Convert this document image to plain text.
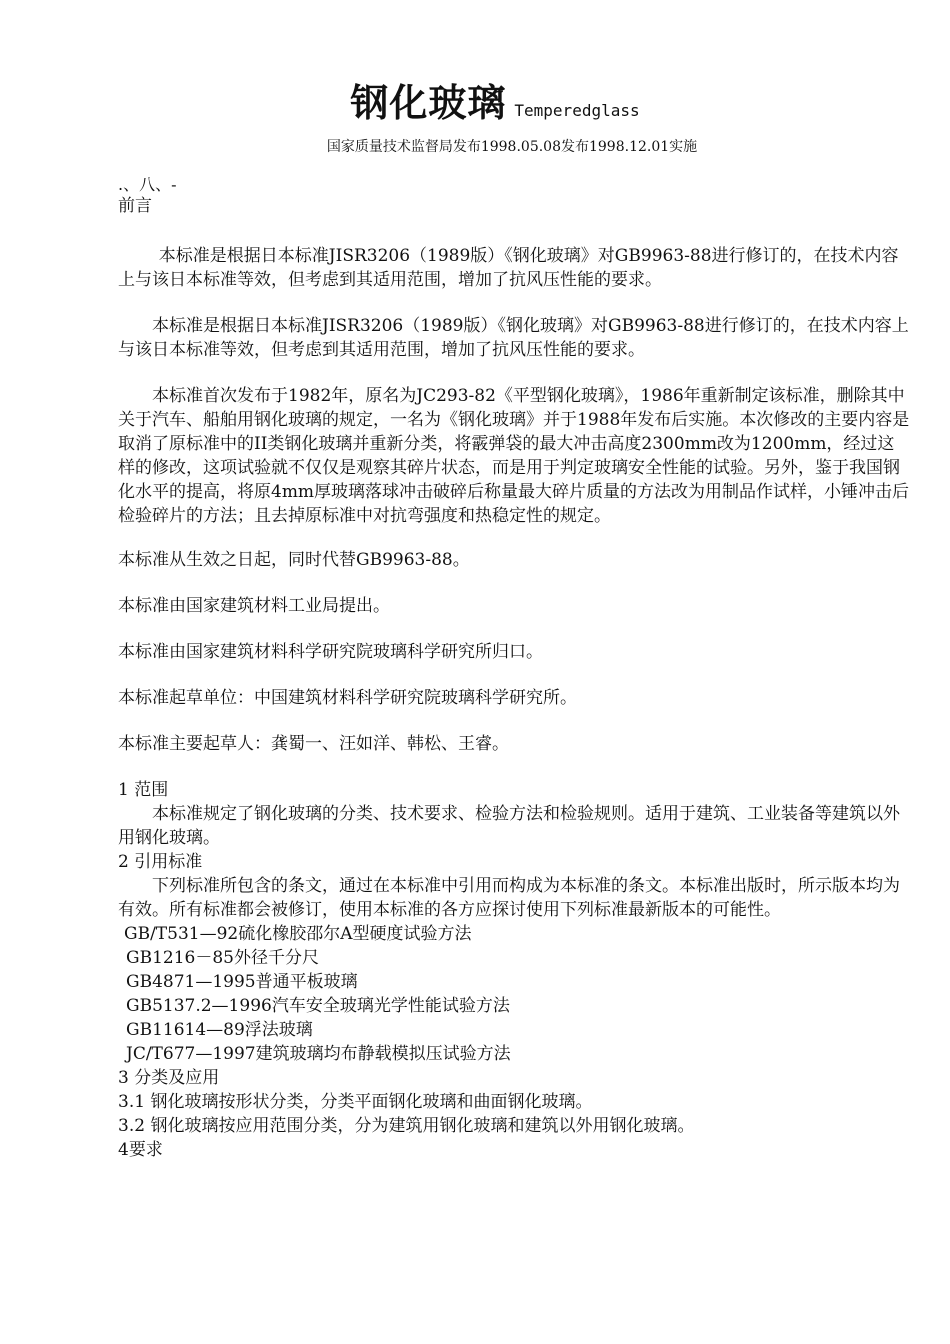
钢化玻璃 Temperedglass
国家质量技术监督局发布1998.05.08发布1998.12.01实施

.、八、-

前言

本标准是根据日本标准JISR3206（1989版）《钢化玻璃》对GB9963-88进行修订的，在技术内容上与该日本标准等效，但考虑到其适用范围，增加了抗风压性能的要求。

本标准是根据日本标准JISR3206（1989版）《钢化玻璃》对GB9963-88进行修订的，在技术内容上与该日本标准等效，但考虑到其适用范围，增加了抗风压性能的要求。

本标准首次发布于1982年，原名为JC293-82《平型钢化玻璃》，1986年重新制定该标准，删除其中关于汽车、船舶用钢化玻璃的规定，一名为《钢化玻璃》并于1988年发布后实施。本次修改的主要内容是取消了原标准中的II类钢化玻璃并重新分类，将霰弹袋的最大冲击高度2300mm改为1200mm，经过这样的修改，这项试验就不仅仅是观察其碎片状态，而是用于判定玻璃安全性能的试验。另外，鉴于我国钢化水平的提高，将原4mm厚玻璃落球冲击破碎后称量最大碎片质量的方法改为用制品作试样，小锤冲击后检验碎片的方法；且去掉原标准中对抗弯强度和热稳定性的规定。

本标准从生效之日起，同时代替GB9963-88。

本标准由国家建筑材料工业局提出。

本标准由国家建筑材料科学研究院玻璃科学研究所归口。

本标准起草单位：中国建筑材料科学研究院玻璃科学研究所。

本标准主要起草人：龚蜀一、汪如洋、韩松、王睿。

1 范围

本标准规定了钢化玻璃的分类、技术要求、检验方法和检验规则。适用于建筑、工业装备等建筑以外用钢化玻璃。

2 引用标准

下列标准所包含的条文，通过在本标准中引用而构成为本标准的条文。本标准出版时，所示版本均为有效。所有标准都会被修订，使用本标准的各方应探讨使用下列标准最新版本的可能性。

GB/T531—92硫化橡胶邵尔A型硬度试验方法

GB1216－85外径千分尺

GB4871—1995普通平板玻璃

GB5137.2—1996汽车安全玻璃光学性能试验方法

GB11614—89浮法玻璃

JC/T677—1997建筑玻璃均布静载模拟压试验方法

3 分类及应用

3.1 钢化玻璃按形状分类，分类平面钢化玻璃和曲面钢化玻璃。

3.2 钢化玻璃按应用范围分类，分为建筑用钢化玻璃和建筑以外用钢化玻璃。

4要求
